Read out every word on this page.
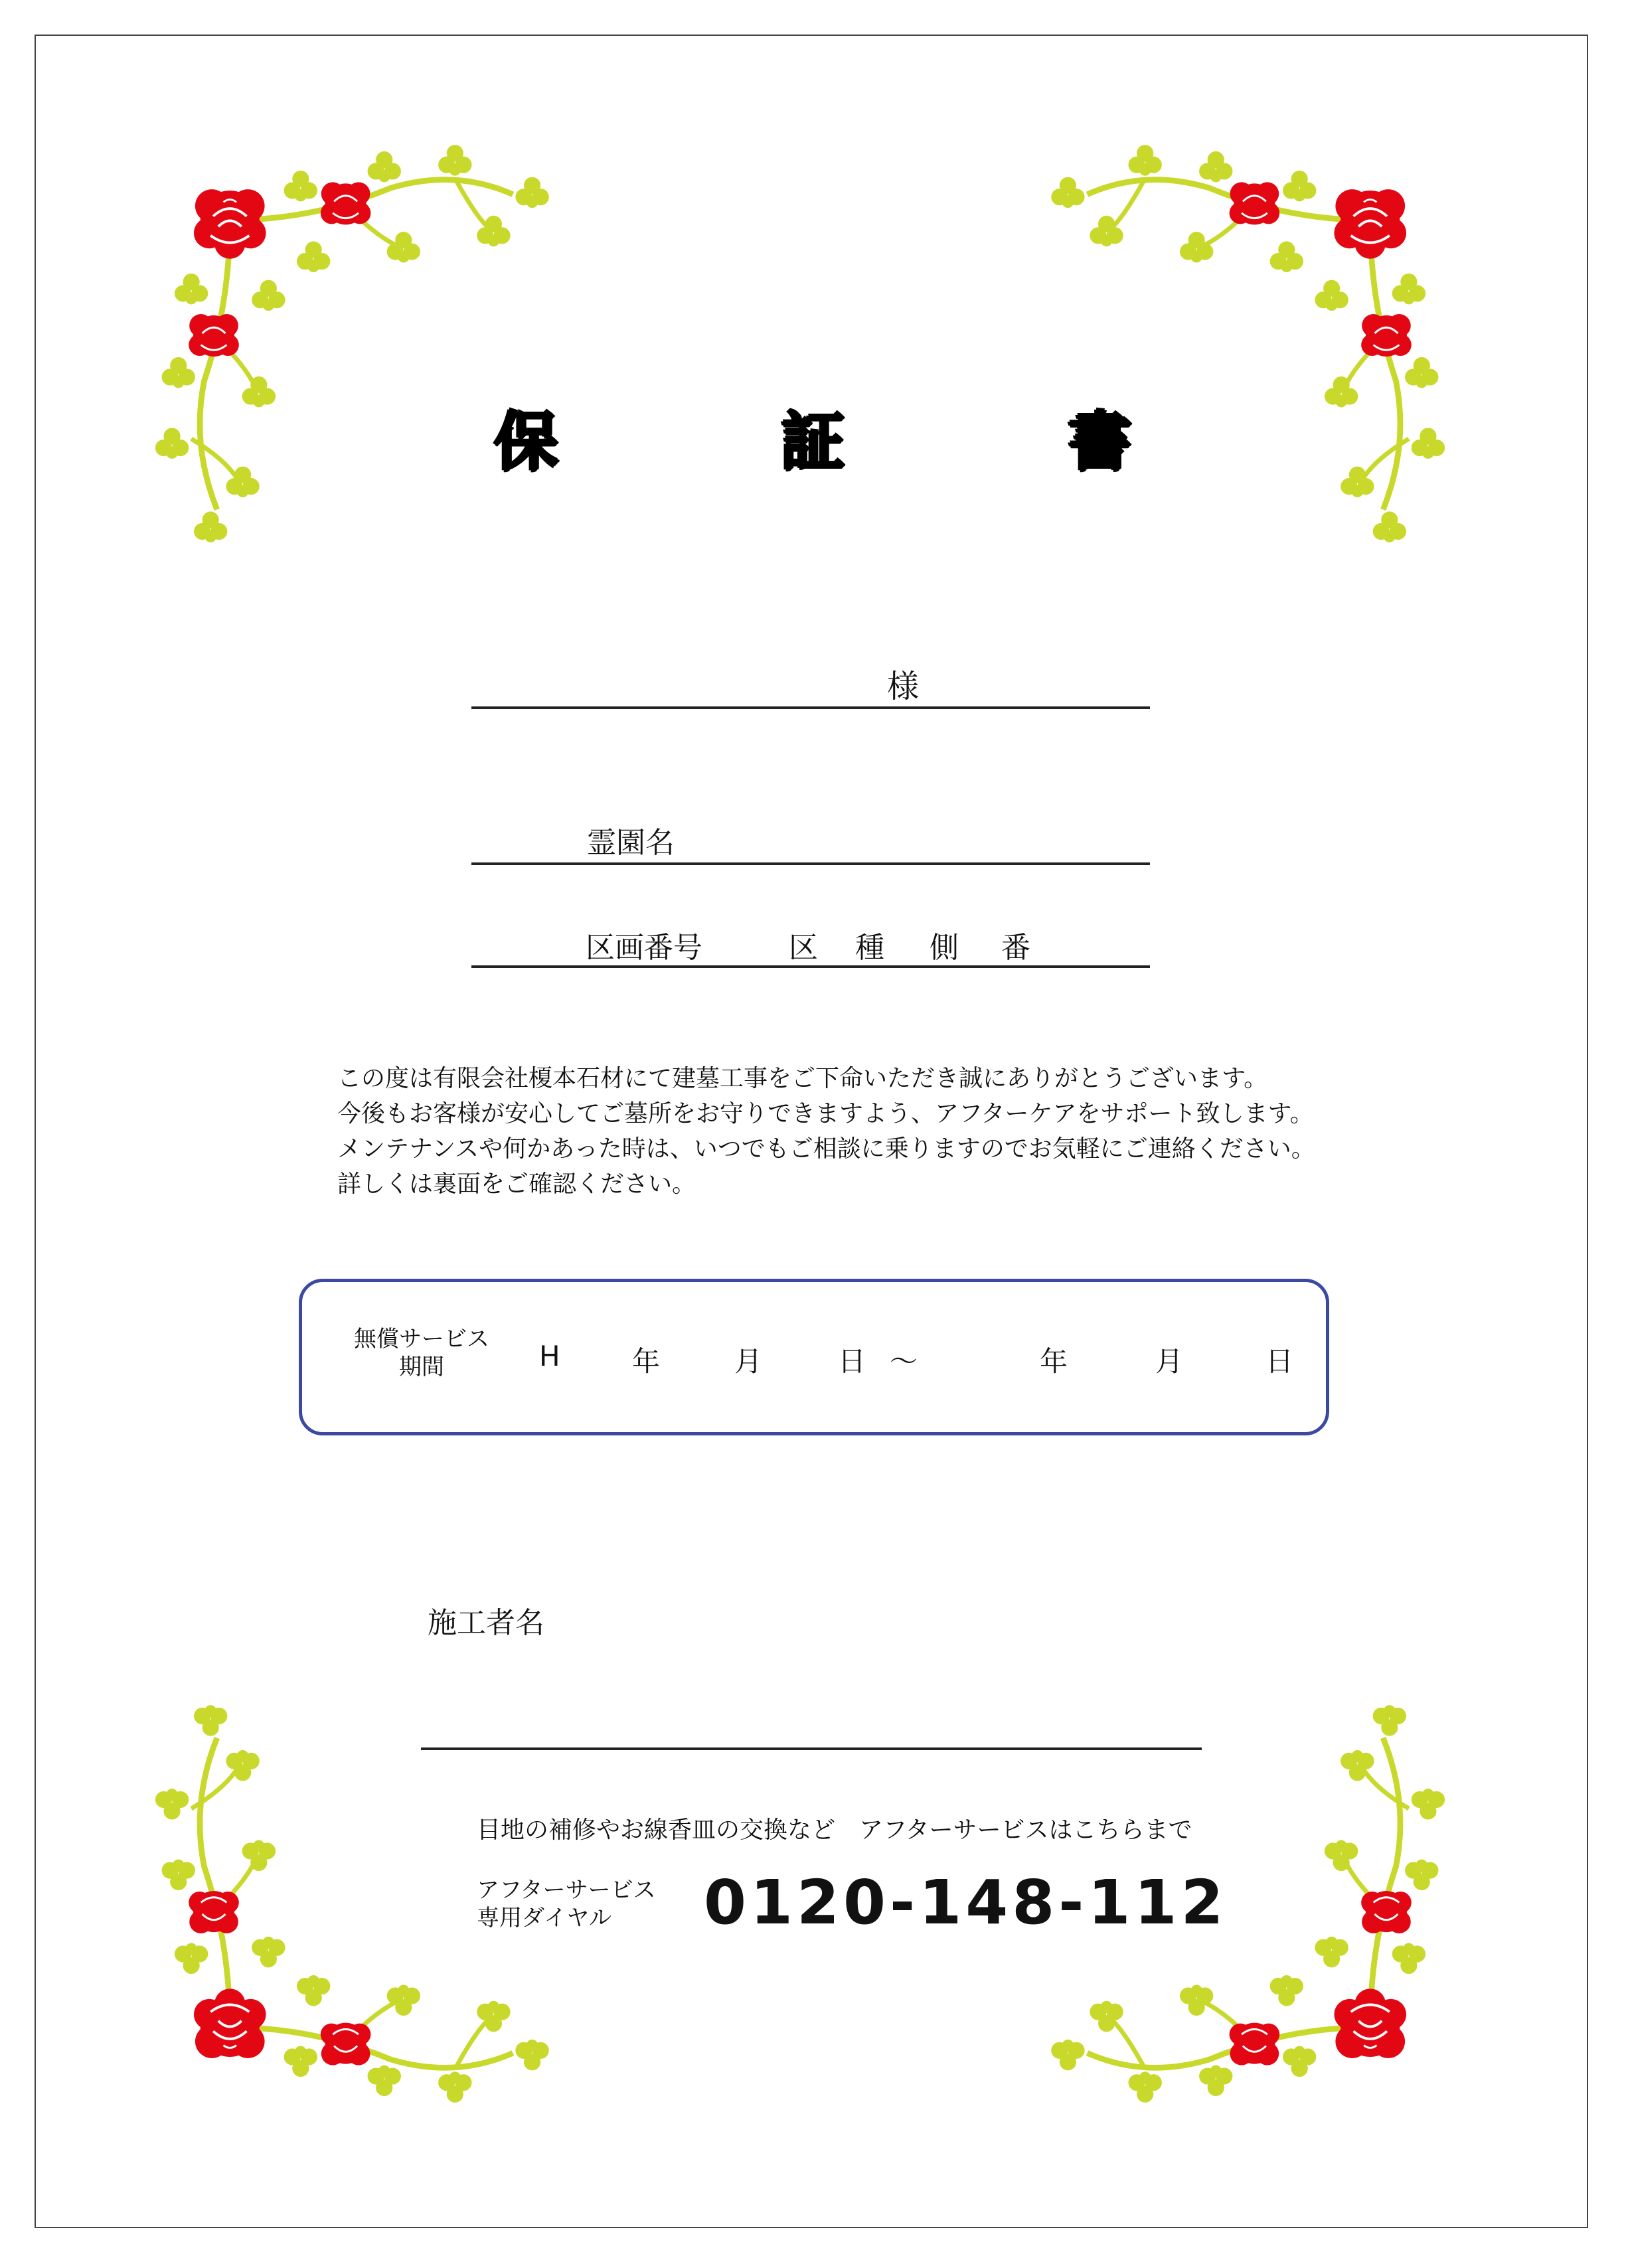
保　証　書
様
霊園名
区画番号	区 種 側 番
この度は有限会社榎本石材にて建墓工事をご下命いただき誠にありがとうございます。
今後もお客様が安心してご墓所をお守りできますよう、アフターケアをサポート致します。
メンテナンスや何かあった時は、いつでもご相談に乗りますのでお気軽にご連絡ください。
詳しくは裏面をご確認ください。
無償サービス
期間	H	年	月	日 ～	年	月	日
施工者名
目地の補修やお線香皿の交換など　アフターサービスはこちらまで
アフターサービス
専用ダイヤル	0120-148-112
